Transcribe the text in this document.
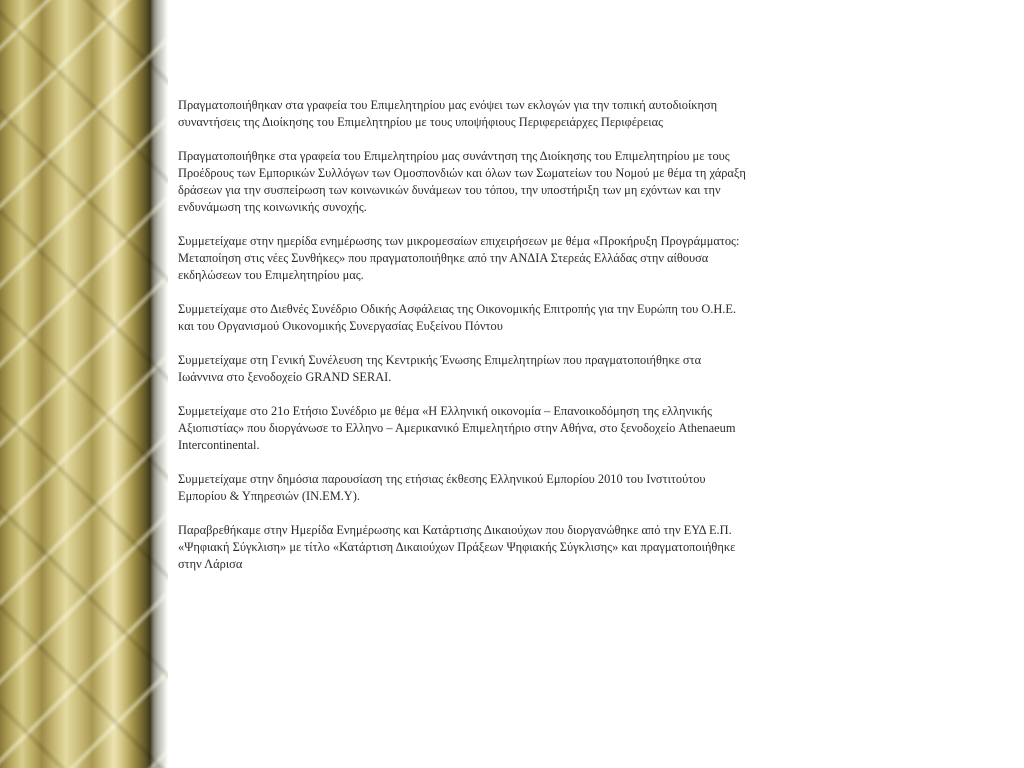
Πραγματοποιήθηκαν στα γραφεία του Επιμελητηρίου μας ενόψει των εκλογών για την τοπική αυτοδιοίκηση συναντήσεις της Διοίκησης του Επιμελητηρίου με τους υποψήφιους Περιφερειάρχες Περιφέρειας

Πραγματοποιήθηκε στα γραφεία του Επιμελητηρίου μας συνάντηση της Διοίκησης του Επιμελητηρίου με τους Προέδρους των Εμπορικών Συλλόγων των Ομοσπονδιών και όλων των Σωματείων του Νομού με θέμα τη χάραξη δράσεων για την συσπείρωση των κοινωνικών δυνάμεων του τόπου, την υποστήριξη των μη εχόντων και την ενδυνάμωση της κοινωνικής συνοχής.

Συμμετείχαμε στην ημερίδα ενημέρωσης των μικρομεσαίων επιχειρήσεων με θέμα «Προκήρυξη Προγράμματος: Μεταποίηση στις νέες Συνθήκες» που πραγματοποιήθηκε από την ΑΝΔΙΑ Στερεάς Ελλάδας στην αίθουσα εκδηλώσεων του Επιμελητηρίου μας.

Συμμετείχαμε στο Διεθνές Συνέδριο Οδικής Ασφάλειας της Οικονομικής Επιτροπής για την Ευρώπη του Ο.Η.Ε. και του Οργανισμού Οικονομικής Συνεργασίας Ευξείνου Πόντου

Συμμετείχαμε στη Γενική Συνέλευση της Κεντρικής Ένωσης Επιμελητηρίων που πραγματοποιήθηκε στα Ιωάννινα στο ξενοδοχείο GRAND SERAI.

Συμμετείχαμε στο 21ο Ετήσιο Συνέδριο με θέμα «Η Ελληνική οικονομία – Επανοικοδόμηση της ελληνικής Αξιοπιστίας» που διοργάνωσε το Ελληνο – Αμερικανικό Επιμελητήριο στην Αθήνα, στο ξενοδοχείο Athenaeum Intercontinental.

Συμμετείχαμε στην δημόσια παρουσίαση της ετήσιας έκθεσης Ελληνικού Εμπορίου 2010 του Ινστιτούτου Εμπορίου & Υπηρεσιών (ΙΝ.ΕΜ.Υ).

Παραβρεθήκαμε στην Ημερίδα Ενημέρωσης και Κατάρτισης Δικαιούχων που διοργανώθηκε από την ΕΥΔ Ε.Π. «Ψηφιακή Σύγκλιση» με τίτλο «Κατάρτιση Δικαιούχων Πράξεων Ψηφιακής Σύγκλισης» και πραγματοποιήθηκε στην Λάρισα
